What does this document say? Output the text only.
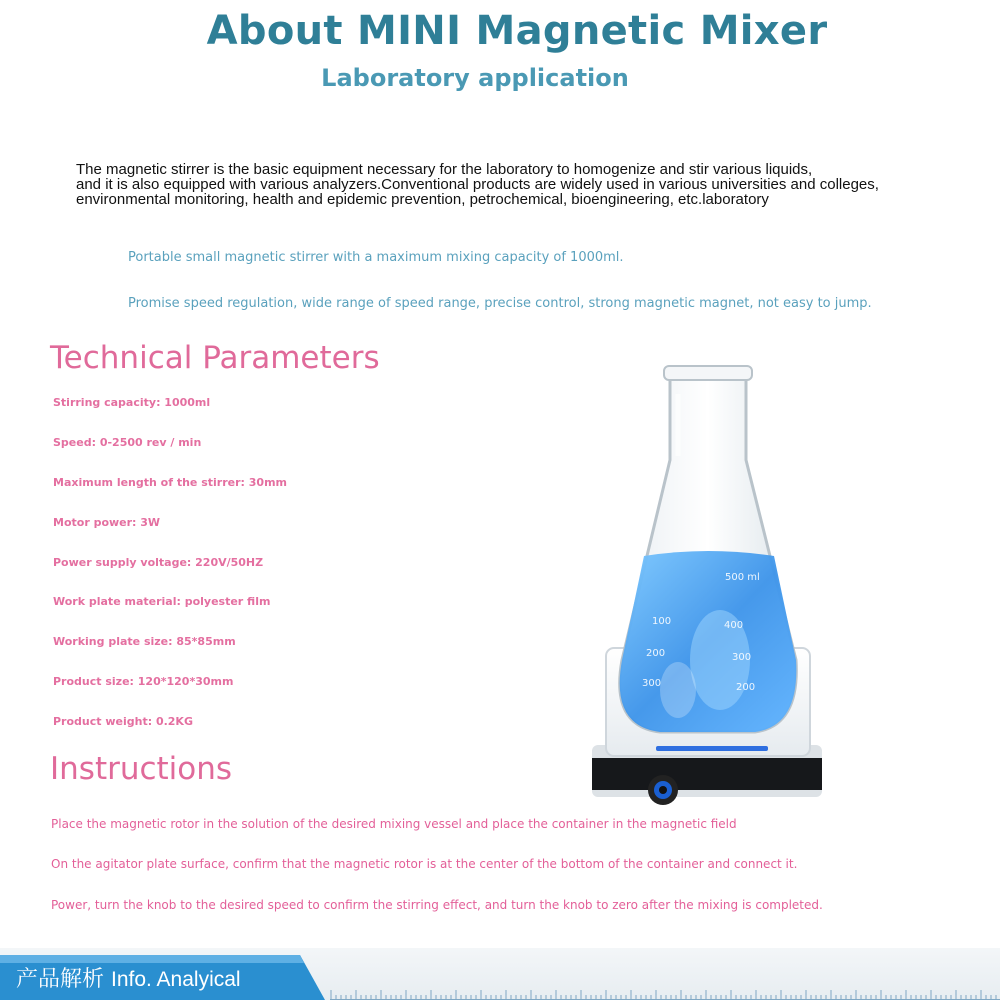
About MINI Magnetic Mixer
Laboratory application
The magnetic stirrer is the basic equipment necessary for the laboratory to homogenize and stir various liquids,
and it is also equipped with various analyzers.Conventional products are widely used in various universities and colleges,
environmental monitoring, health and epidemic prevention, petrochemical, bioengineering, etc.laboratory
Portable small magnetic stirrer with a maximum mixing capacity of 1000ml.
Promise speed regulation, wide range of speed range, precise control, strong magnetic magnet, not easy to jump.
Technical Parameters
Stirring capacity: 1000ml
Speed: 0-2500 rev / min
Maximum length of the stirrer: 30mm
Motor power: 3W
Power supply voltage: 220V/50HZ
Work plate material: polyester film
Working plate size: 85*85mm
Product size: 120*120*30mm
Product weight: 0.2KG
Instructions
Place the magnetic rotor in the solution of the desired mixing vessel and place the container in the magnetic field
On the agitator plate surface, confirm that the magnetic rotor is at the center of the bottom of the container and connect it.
Power, turn the knob to the desired speed to confirm the stirring effect, and turn the knob to zero after the mixing is completed.
500 ml
100
200
300
400
300
200
产品解析 Info. Analyical
